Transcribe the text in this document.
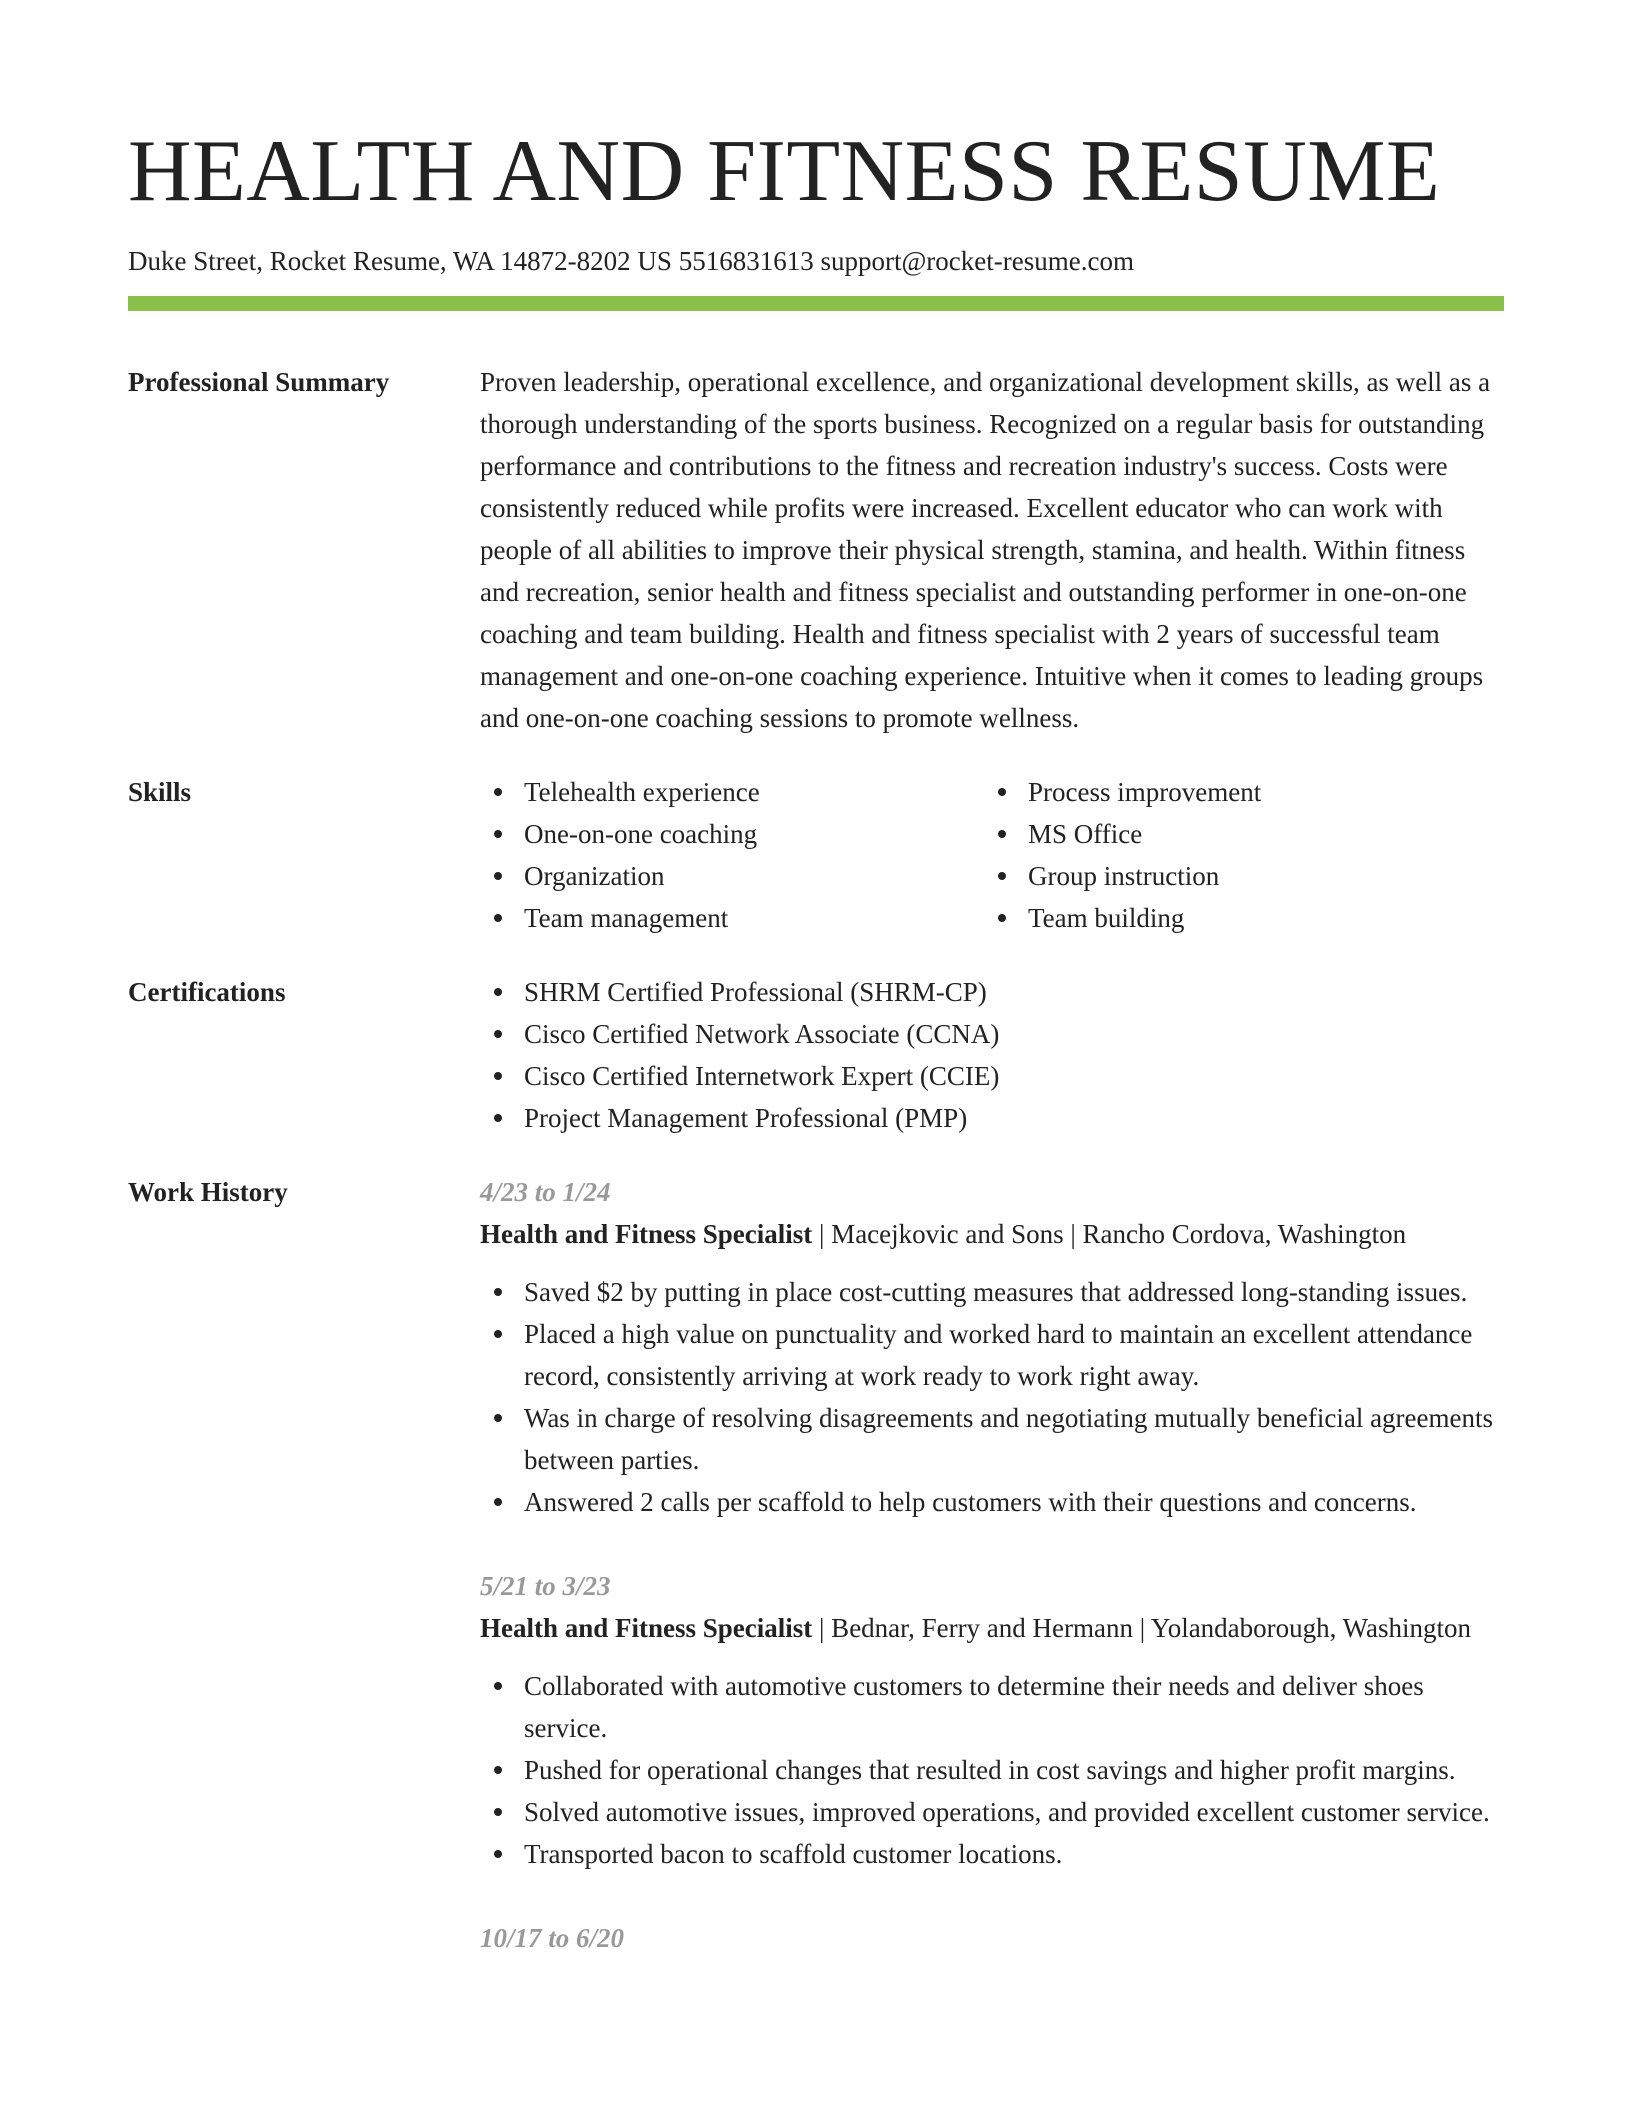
HEALTH AND FITNESS RESUME
Duke Street, Rocket Resume, WA 14872-8202 US 5516831613 support@rocket-resume.com
Professional Summary	Proven leadership, operational excellence, and organizational development skills, as well as a thorough understanding of the sports business. Recognized on a regular basis for outstanding performance and contributions to the fitness and recreation industry's success. Costs were consistently reduced while profits were increased. Excellent educator who can work with people of all abilities to improve their physical strength, stamina, and health. Within fitness and recreation, senior health and fitness specialist and outstanding performer in one-on-one coaching and team building. Health and fitness specialist with 2 years of successful team management and one-on-one coaching experience. Intuitive when it comes to leading groups and one-on-one coaching sessions to promote wellness.
Skills	Telehealth experience
One-on-one coaching
Organization
Team management
Process improvement
MS Office
Group instruction
Team building
Certifications	SHRM Certified Professional (SHRM-CP)
Cisco Certified Network Associate (CCNA)
Cisco Certified Internetwork Expert (CCIE)
Project Management Professional (PMP)
Work History	4/23 to 1/24
Health and Fitness Specialist | Macejkovic and Sons | Rancho Cordova, Washington
Saved $2 by putting in place cost-cutting measures that addressed long-standing issues.
Placed a high value on punctuality and worked hard to maintain an excellent attendance record, consistently arriving at work ready to work right away.
Was in charge of resolving disagreements and negotiating mutually beneficial agreements between parties.
Answered 2 calls per scaffold to help customers with their questions and concerns.
5/21 to 3/23
Health and Fitness Specialist | Bednar, Ferry and Hermann | Yolandaborough, Washington
Collaborated with automotive customers to determine their needs and deliver shoes service.
Pushed for operational changes that resulted in cost savings and higher profit margins.
Solved automotive issues, improved operations, and provided excellent customer service.
Transported bacon to scaffold customer locations.
10/17 to 6/20
